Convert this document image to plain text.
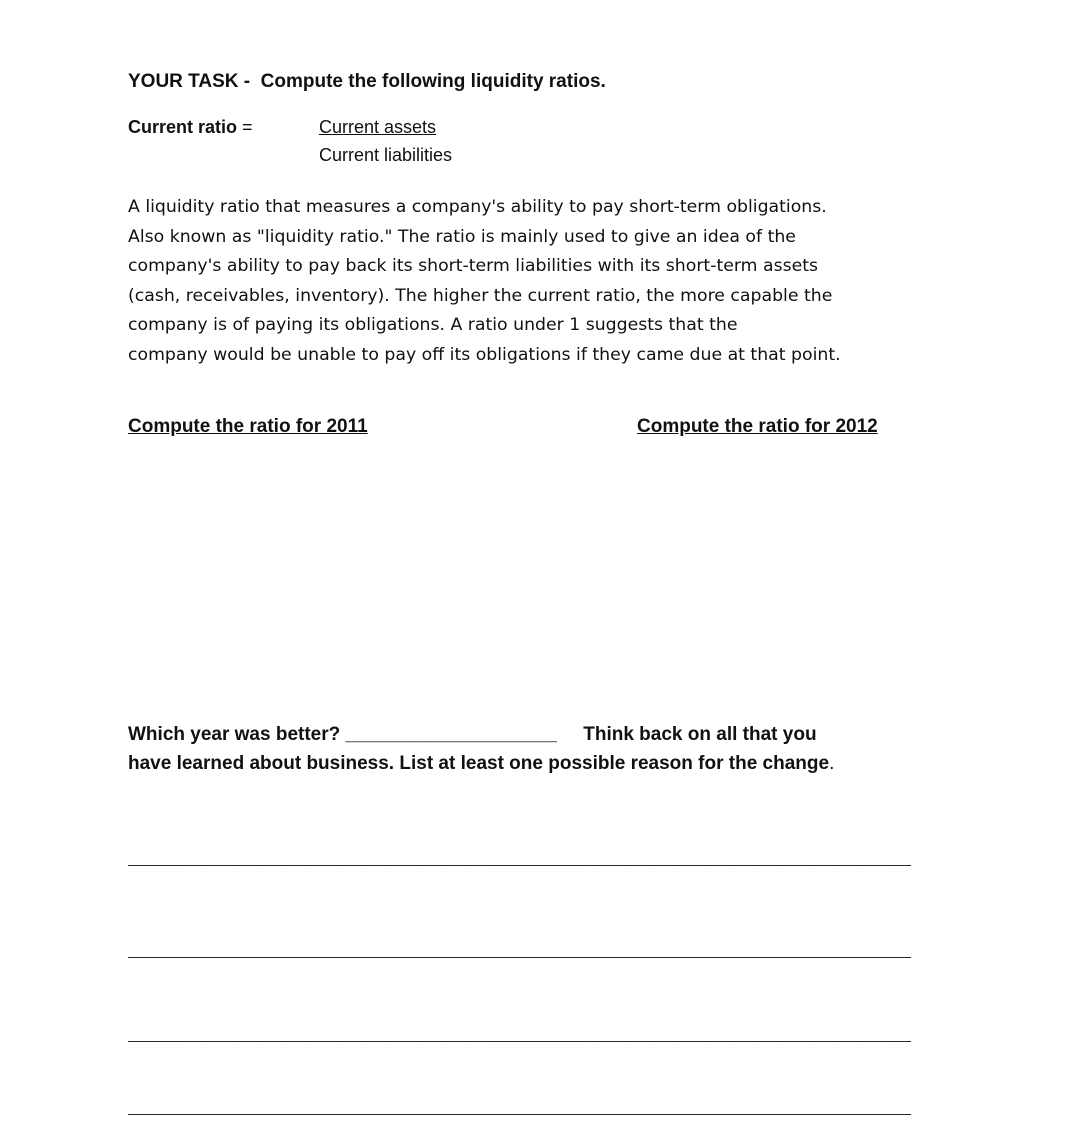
YOUR TASK -  Compute the following liquidity ratios.
Current ratio =	Current assets
Current liabilities
A liquidity ratio that measures a company's ability to pay short-term obligations.
Also known as "liquidity ratio." The ratio is mainly used to give an idea of the
company's ability to pay back its short-term liabilities with its short-term assets
(cash, receivables, inventory). The higher the current ratio, the more capable the
company is of paying its obligations. A ratio under 1 suggests that the
company would be unable to pay off its obligations if they came due at that point.
Compute the ratio for 2011	Compute the ratio for 2012
Which year was better? ____________________     Think back on all that you
have learned about business. List at least one possible reason for the change.
____________________________________________________________________
____________________________________________________________________
____________________________________________________________________
____________________________________________________________________
